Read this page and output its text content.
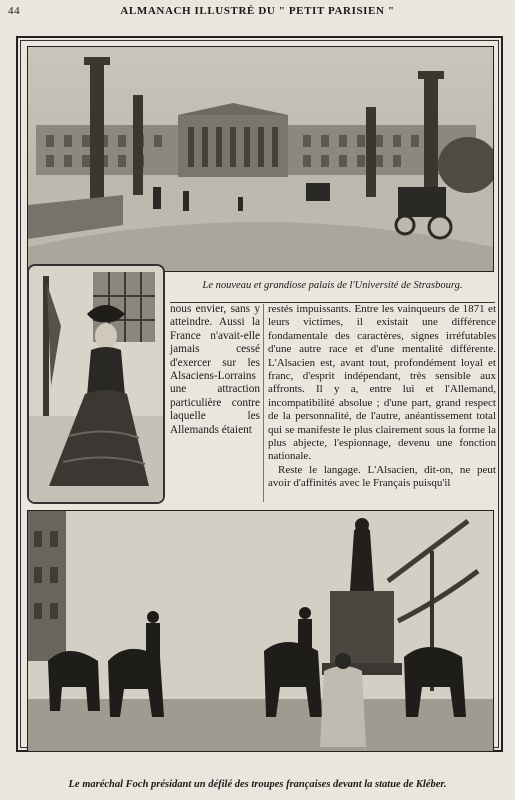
44	ALMANACH ILLUSTRÉ DU " PETIT PARISIEN "
Le nouveau et grandiose palais de l'Université de Strasbourg.

nous envier, sans y atteindre. Aussi la France n'avait-elle jamais cessé d'exercer sur les Alsaciens-Lorrains une attraction particulière contre laquelle les Allemands étaient

restés impuissants. Entre les vainqueurs de 1871 et leurs victimes, il existait une différence fondamentale des caractères, signes irréfutables d'une autre race et d'une mentalité différente. L'Alsacien est, avant tout, profondément loyal et franc, d'esprit indépendant, très sensible aux affronts. Il y a, entre lui et l'Allemand, incompatibilité absolue ; d'une part, grand respect de la personnalité, de l'autre, anéantissement total qui se manifeste le plus clairement sous la forme la plus abjecte, l'espionnage, devenu une fonction nationale.

Reste le langage. L'Alsacien, dit-on, ne peut avoir d'affinités avec le Français puisqu'il

Le maréchal Foch présidant un défilé des troupes françaises devant la statue de Kléber.
